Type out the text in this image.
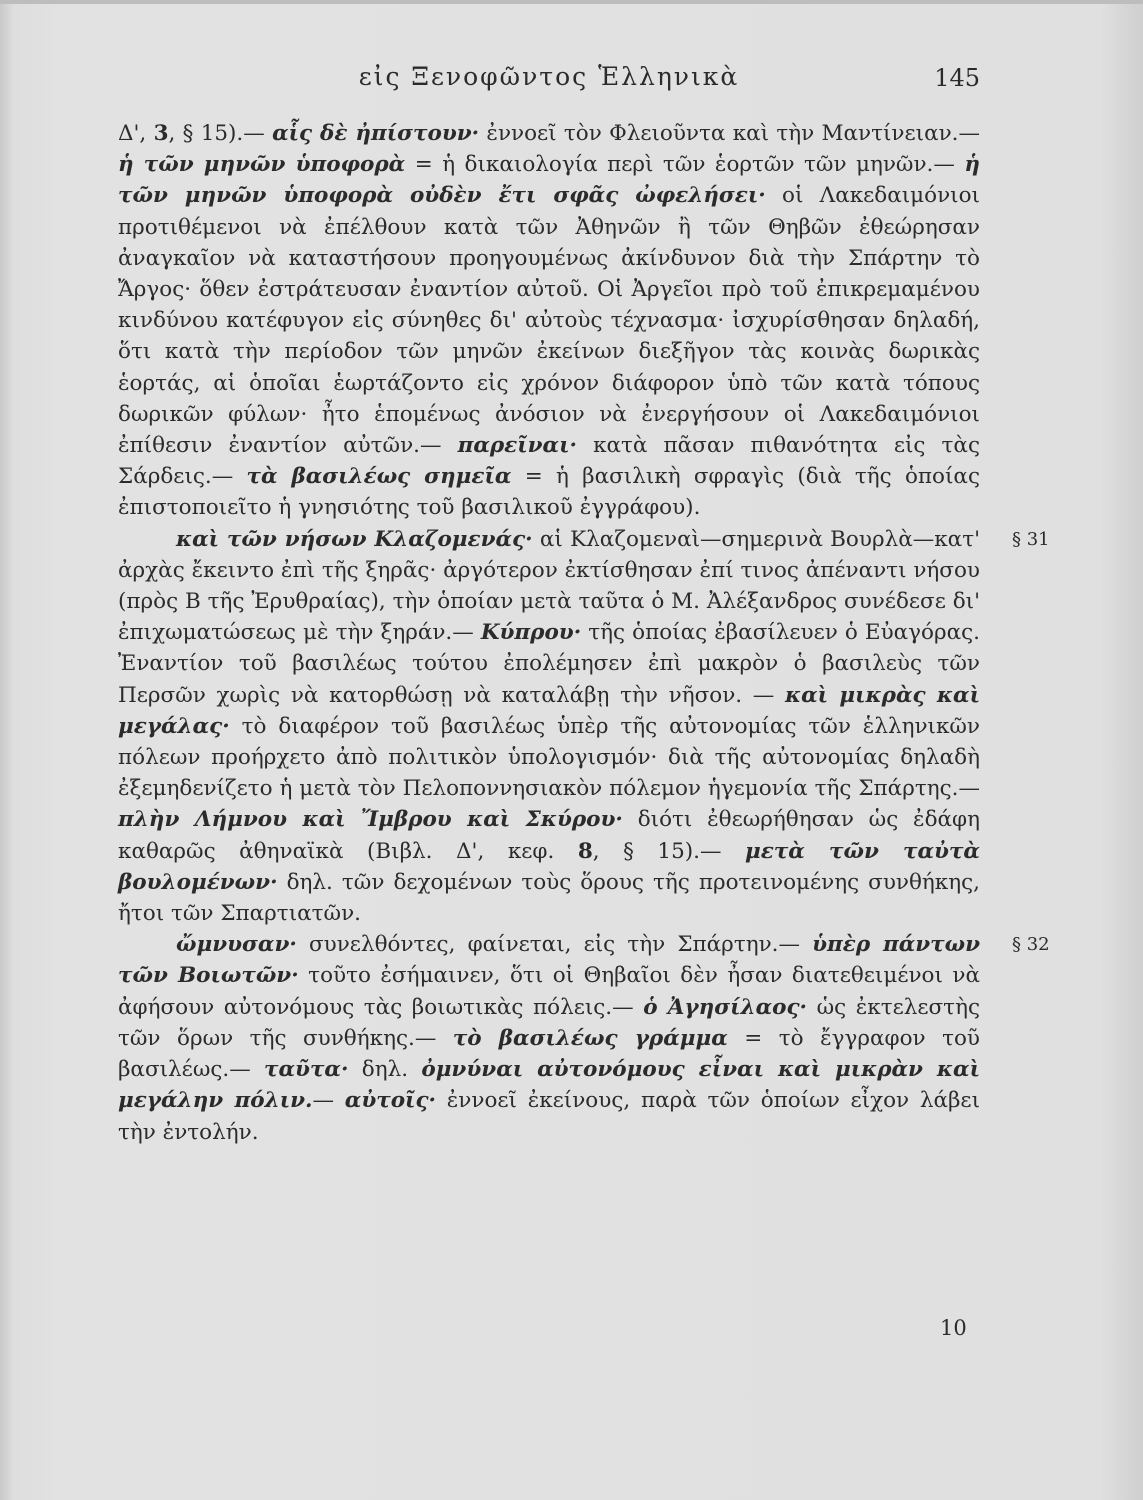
εἰς Ξενοφῶντος Ἑλληνικὰ	145

Δ', 3, § 15).— αἷς δὲ ἠπίστουν· ἐννοεῖ τὸν Φλειοῦντα καὶ τὴν Μαντίνειαν.— ἡ τῶν μηνῶν ὑποφορὰ = ἡ δικαιολογία περὶ τῶν ἑορτῶν τῶν μηνῶν.— ἡ τῶν μηνῶν ὑποφορὰ οὐδὲν ἔτι σφᾶς ὠφελήσει· οἱ Λακεδαιμόνιοι προτιθέμενοι νὰ ἐπέλθουν κατὰ τῶν Ἀθηνῶν ἢ τῶν Θηβῶν ἐθεώρησαν ἀναγκαῖον νὰ καταστήσουν προηγουμένως ἀκίνδυνον διὰ τὴν Σπάρτην τὸ Ἄργος· ὅθεν ἐστράτευσαν ἐναντίον αὐτοῦ. Οἱ Ἀργεῖοι πρὸ τοῦ ἐπικρεμαμένου κινδύνου κατέφυγον εἰς σύνηθες δι' αὐτοὺς τέχνασμα· ἰσχυρίσθησαν δηλαδή, ὅτι κατὰ τὴν περίοδον τῶν μηνῶν ἐκείνων διεξῆγον τὰς κοινὰς δωρικὰς ἑορτάς, αἱ ὁποῖαι ἑωρτάζοντο εἰς χρόνον διάφορον ὑπὸ τῶν κατὰ τόπους δωρικῶν φύλων· ἦτο ἑπομένως ἀνόσιον νὰ ἐνεργήσουν οἱ Λακεδαιμόνιοι ἐπίθεσιν ἐναντίον αὐτῶν.— παρεῖναι· κατὰ πᾶσαν πιθανότητα εἰς τὰς Σάρδεις.— τὰ βασιλέως σημεῖα = ἡ βασιλικὴ σφραγὶς (διὰ τῆς ὁποίας ἐπιστοποιεῖτο ἡ γνησιότης τοῦ βασιλικοῦ ἐγγράφου).

§ 31

καὶ τῶν νήσων Κλαζομενάς· αἱ Κλαζομεναὶ—σημερινὰ Βουρλὰ—κατ' ἀρχὰς ἔκειντο ἐπὶ τῆς ξηρᾶς· ἀργότερον ἐκτίσθησαν ἐπί τινος ἀπέναντι νήσου (πρὸς Β τῆς Ἐρυθραίας), τὴν ὁποίαν μετὰ ταῦτα ὁ Μ. Ἀλέξανδρος συνέδεσε δι' ἐπιχωματώσεως μὲ τὴν ξηράν.— Κύπρου· τῆς ὁποίας ἐβασίλευεν ὁ Εὐαγόρας. Ἐναντίον τοῦ βασιλέως τούτου ἐπολέμησεν ἐπὶ μακρὸν ὁ βασιλεὺς τῶν Περσῶν χωρὶς νὰ κατορθώσῃ νὰ καταλάβῃ τὴν νῆσον. — καὶ μικρὰς καὶ μεγάλας· τὸ διαφέρον τοῦ βασιλέως ὑπὲρ τῆς αὐτονομίας τῶν ἑλληνικῶν πόλεων προήρχετο ἀπὸ πολιτικὸν ὑπολογισμόν· διὰ τῆς αὐτονομίας δηλαδὴ ἐξεμηδενίζετο ἡ μετὰ τὸν Πελοποννησιακὸν πόλεμον ἡγεμονία τῆς Σπάρτης.— πλὴν Λήμνου καὶ Ἴμβρου καὶ Σκύρου· διότι ἐθεωρήθησαν ὡς ἐδάφη καθαρῶς ἀθηναϊκὰ (Βιβλ. Δ', κεφ. 8, § 15).— μετὰ τῶν ταὐτὰ βουλομένων· δηλ. τῶν δεχομένων τοὺς ὅρους τῆς προτεινομένης συνθήκης, ἤτοι τῶν Σπαρτιατῶν.

§ 32

ὤμνυσαν· συνελθόντες, φαίνεται, εἰς τὴν Σπάρτην.— ὑπὲρ πάντων τῶν Βοιωτῶν· τοῦτο ἐσήμαινεν, ὅτι οἱ Θηβαῖοι δὲν ἦσαν διατεθειμένοι νὰ ἀφήσουν αὐτονόμους τὰς βοιωτικὰς πόλεις.— ὁ Ἀγησίλαος· ὡς ἐκτελεστὴς τῶν ὅρων τῆς συνθήκης.— τὸ βασιλέως γράμμα = τὸ ἔγγραφον τοῦ βασιλέως.— ταῦτα· δηλ. ὀμνύναι αὐτονόμους εἶναι καὶ μικρὰν καὶ μεγάλην πόλιν.— αὐτοῖς· ἐννοεῖ ἐκείνους, παρὰ τῶν ὁποίων εἶχον λάβει τὴν ἐντολήν.

10
